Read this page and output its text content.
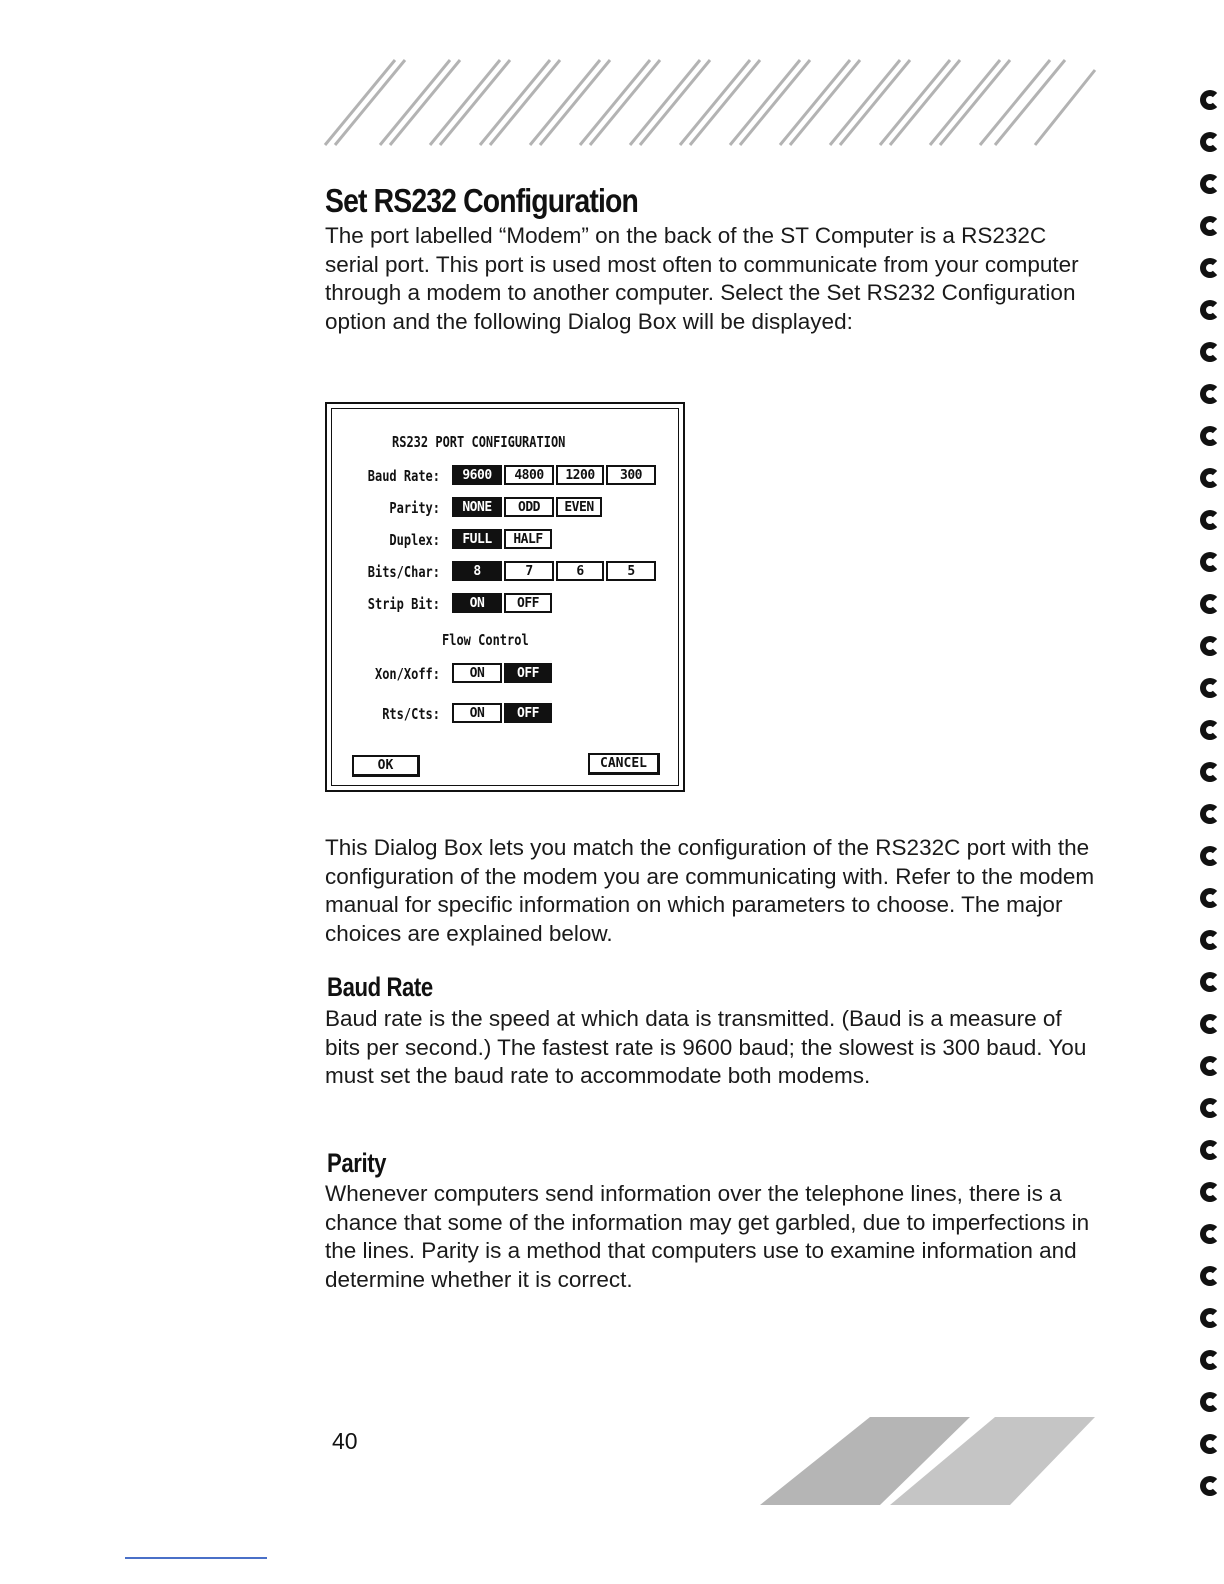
Set RS232 Configuration

The port labelled “Modem” on the back of the ST Computer is a RS232C serial port. This port is used most often to communicate from your computer through a modem to another computer. Select the Set RS232 Configuration option and the following Dialog Box will be displayed:

RS232 PORT CONFIGURATION
Baud Rate:	9600	4800	1200	300
Parity:	NONE	ODD	EVEN
Duplex:	FULL	HALF
Bits/Char:	8	7	6	5
Strip Bit:	ON	OFF
Flow Control
Xon/Xoff:	ON	OFF
Rts/Cts:	ON	OFF
OK	CANCEL

This Dialog Box lets you match the configuration of the RS232C port with the configuration of the modem you are communicating with. Refer to the modem manual for specific information on which parameters to choose. The major choices are explained below.

Baud Rate

Baud rate is the speed at which data is transmitted. (Baud is a measure of bits per second.) The fastest rate is 9600 baud; the slowest is 300 baud. You must set the baud rate to accommodate both modems.

Parity

Whenever computers send information over the telephone lines, there is a chance that some of the information may get garbled, due to imperfections in the lines. Parity is a method that computers use to examine information and determine whether it is correct.

40
